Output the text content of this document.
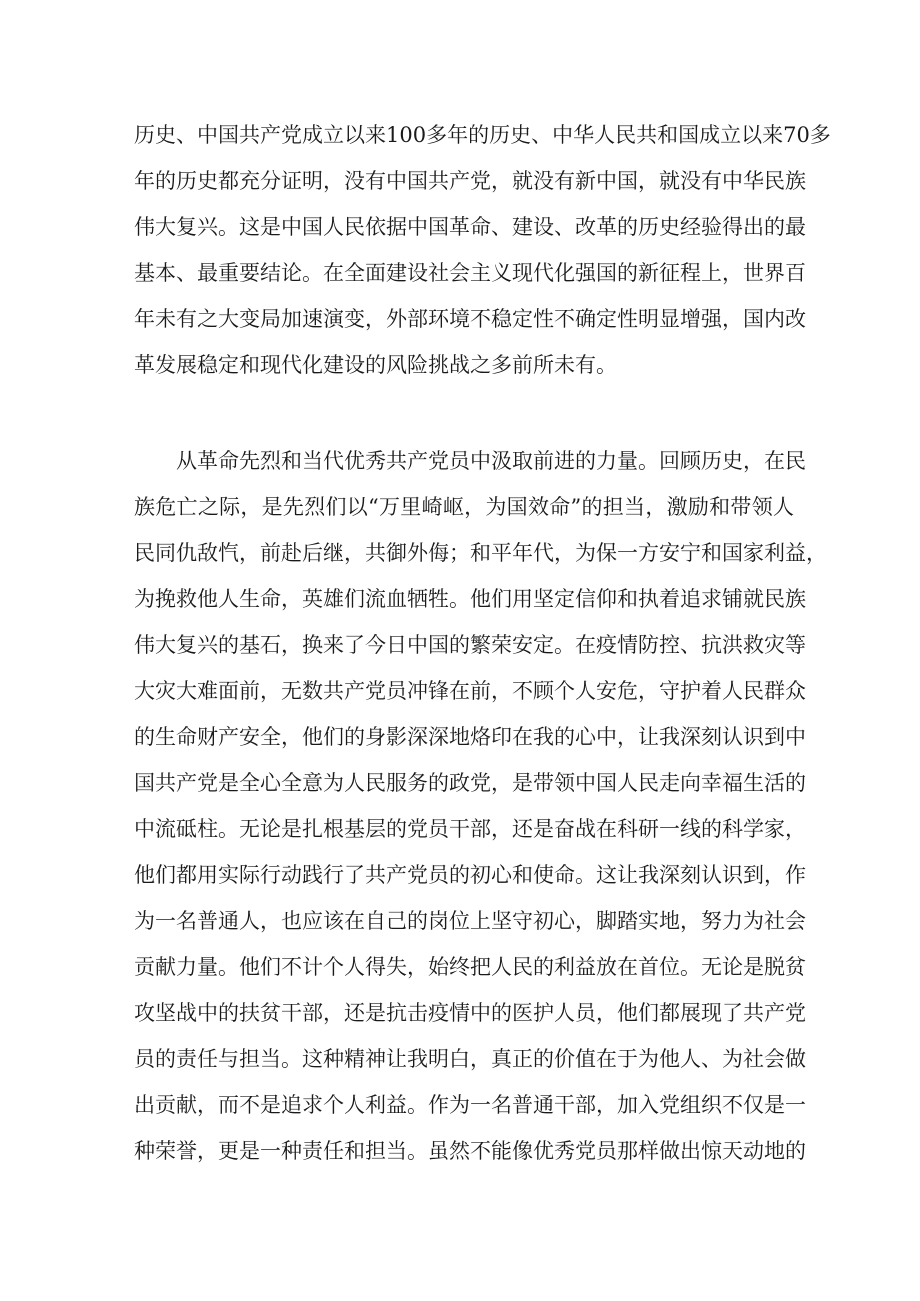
历史、中国共产党成立以来100多年的历史、中华人民共和国成立以来70多
年的历史都充分证明，没有中国共产党，就没有新中国，就没有中华民族
伟大复兴。这是中国人民依据中国革命、建设、改革的历史经验得出的最
基本、最重要结论。在全面建设社会主义现代化强国的新征程上，世界百
年未有之大变局加速演变，外部环境不稳定性不确定性明显增强，国内改
革发展稳定和现代化建设的风险挑战之多前所未有。
从革命先烈和当代优秀共产党员中汲取前进的力量。回顾历史，在民
族危亡之际，是先烈们以“万里崎岖，为国效命”的担当，激励和带领人
民同仇敌忾，前赴后继，共御外侮；和平年代，为保一方安宁和国家利益，
为挽救他人生命，英雄们流血牺牲。他们用坚定信仰和执着追求铺就民族
伟大复兴的基石，换来了今日中国的繁荣安定。在疫情防控、抗洪救灾等
大灾大难面前，无数共产党员冲锋在前，不顾个人安危，守护着人民群众
的生命财产安全，他们的身影深深地烙印在我的心中，让我深刻认识到中
国共产党是全心全意为人民服务的政党，是带领中国人民走向幸福生活的
中流砥柱。无论是扎根基层的党员干部，还是奋战在科研一线的科学家，
他们都用实际行动践行了共产党员的初心和使命。这让我深刻认识到，作
为一名普通人，也应该在自己的岗位上坚守初心，脚踏实地，努力为社会
贡献力量。他们不计个人得失，始终把人民的利益放在首位。无论是脱贫
攻坚战中的扶贫干部，还是抗击疫情中的医护人员，他们都展现了共产党
员的责任与担当。这种精神让我明白，真正的价值在于为他人、为社会做
出贡献，而不是追求个人利益。作为一名普通干部，加入党组织不仅是一
种荣誉，更是一种责任和担当。虽然不能像优秀党员那样做出惊天动地的
